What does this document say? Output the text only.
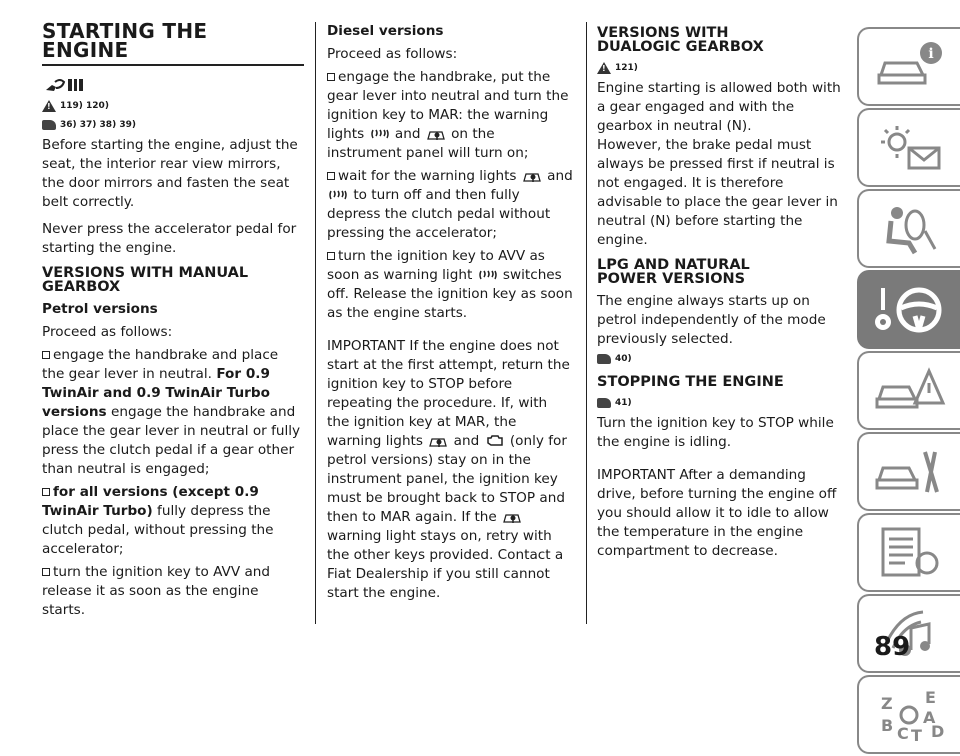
STARTING THE
ENGINE
!
119) 120)
36) 37) 38) 39)

Before starting the engine, adjust the seat, the interior rear view mirrors, the door mirrors and fasten the seat belt correctly.

Never press the accelerator pedal for starting the engine.

VERSIONS WITH MANUAL
GEARBOX
Petrol versions

Proceed as follows:

engage the handbrake and place the gear lever in neutral. For 0.9 TwinAir and 0.9 TwinAir Turbo versions engage the handbrake and place the gear lever in neutral or fully press the clutch pedal if a gear other than neutral is engaged;

for all versions (except 0.9 TwinAir Turbo) fully depress the clutch pedal, without pressing the accelerator;

turn the ignition key to AVV and release it as soon as the engine starts.

Diesel versions

Proceed as follows:

engage the handbrake, put the gear lever into neutral and turn the ignition key to MAR: the warning lights  and  on the instrument panel will turn on;

wait for the warning lights  and  to turn off and then fully depress the clutch pedal without pressing the accelerator;

turn the ignition key to AVV as soon as warning light  switches off. Release the ignition key as soon as the engine starts.

IMPORTANT If the engine does not start at the first attempt, return the ignition key to STOP before repeating the procedure. If, with the ignition key at MAR, the warning lights  and  (only for petrol versions) stay on in the instrument panel, the ignition key must be brought back to STOP and then to MAR again. If the  warning light stays on, retry with the other keys provided. Contact a Fiat Dealership if you still cannot start the engine.

VERSIONS WITH
DUALOGIC GEARBOX
!
121)

Engine starting is allowed both with a gear engaged and with the gearbox in neutral (N).

However, the brake pedal must always be pressed first if neutral is not engaged. It is therefore advisable to place the gear lever in neutral (N) before starting the engine.

LPG AND NATURAL
POWER VERSIONS

The engine always starts up on petrol independently of the mode previously selected.

40)
STOPPING THE ENGINE
41)

Turn the ignition key to STOP while the engine is idling.

IMPORTANT After a demanding drive, before turning the engine off you should allow it to idle to allow the temperature in the engine compartment to decrease.

i
Z E
B A
C T D
89
